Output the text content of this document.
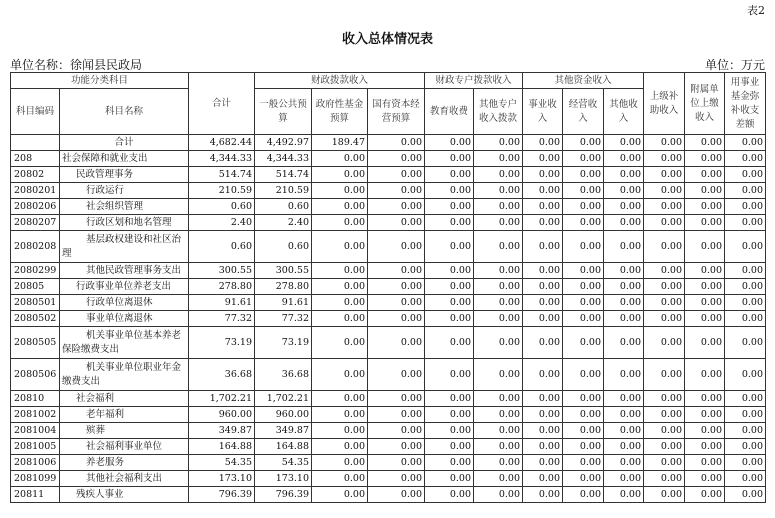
表2
收入总体情况表
单位名称：徐闻县民政局	单位：万元
功能分类科目		合计	财政拨款收入			财政专户拨款收入		其他资金收入			上级补助收入	附属单位上缴收入	用事业基金弥补收支差额
科目编码	科目名称		一般公共预算	政府性基金预算	国有资本经营预算	教育收费	其他专户收入拨款	事业收入	经营收入	其他收入			
	合计	4,682.44	4,492.97	189.47	0.00	0.00	0.00	0.00	0.00	0.00	0.00	0.00	0.00
208	社会保障和就业支出	4,344.33	4,344.33	0.00	0.00	0.00	0.00	0.00	0.00	0.00	0.00	0.00	0.00
20802	民政管理事务	514.74	514.74	0.00	0.00	0.00	0.00	0.00	0.00	0.00	0.00	0.00	0.00
2080201	行政运行	210.59	210.59	0.00	0.00	0.00	0.00	0.00	0.00	0.00	0.00	0.00	0.00
2080206	社会组织管理	0.60	0.60	0.00	0.00	0.00	0.00	0.00	0.00	0.00	0.00	0.00	0.00
2080207	行政区划和地名管理	2.40	2.40	0.00	0.00	0.00	0.00	0.00	0.00	0.00	0.00	0.00	0.00
2080208	基层政权建设和社区治理	0.60	0.60	0.00	0.00	0.00	0.00	0.00	0.00	0.00	0.00	0.00	0.00
2080299	其他民政管理事务支出	300.55	300.55	0.00	0.00	0.00	0.00	0.00	0.00	0.00	0.00	0.00	0.00
20805	行政事业单位养老支出	278.80	278.80	0.00	0.00	0.00	0.00	0.00	0.00	0.00	0.00	0.00	0.00
2080501	行政单位离退休	91.61	91.61	0.00	0.00	0.00	0.00	0.00	0.00	0.00	0.00	0.00	0.00
2080502	事业单位离退休	77.32	77.32	0.00	0.00	0.00	0.00	0.00	0.00	0.00	0.00	0.00	0.00
2080505	机关事业单位基本养老保险缴费支出	73.19	73.19	0.00	0.00	0.00	0.00	0.00	0.00	0.00	0.00	0.00	0.00
2080506	机关事业单位职业年金缴费支出	36.68	36.68	0.00	0.00	0.00	0.00	0.00	0.00	0.00	0.00	0.00	0.00
20810	社会福利	1,702.21	1,702.21	0.00	0.00	0.00	0.00	0.00	0.00	0.00	0.00	0.00	0.00
2081002	老年福利	960.00	960.00	0.00	0.00	0.00	0.00	0.00	0.00	0.00	0.00	0.00	0.00
2081004	殡葬	349.87	349.87	0.00	0.00	0.00	0.00	0.00	0.00	0.00	0.00	0.00	0.00
2081005	社会福利事业单位	164.88	164.88	0.00	0.00	0.00	0.00	0.00	0.00	0.00	0.00	0.00	0.00
2081006	养老服务	54.35	54.35	0.00	0.00	0.00	0.00	0.00	0.00	0.00	0.00	0.00	0.00
2081099	其他社会福利支出	173.10	173.10	0.00	0.00	0.00	0.00	0.00	0.00	0.00	0.00	0.00	0.00
20811	残疾人事业	796.39	796.39	0.00	0.00	0.00	0.00	0.00	0.00	0.00	0.00	0.00	0.00
